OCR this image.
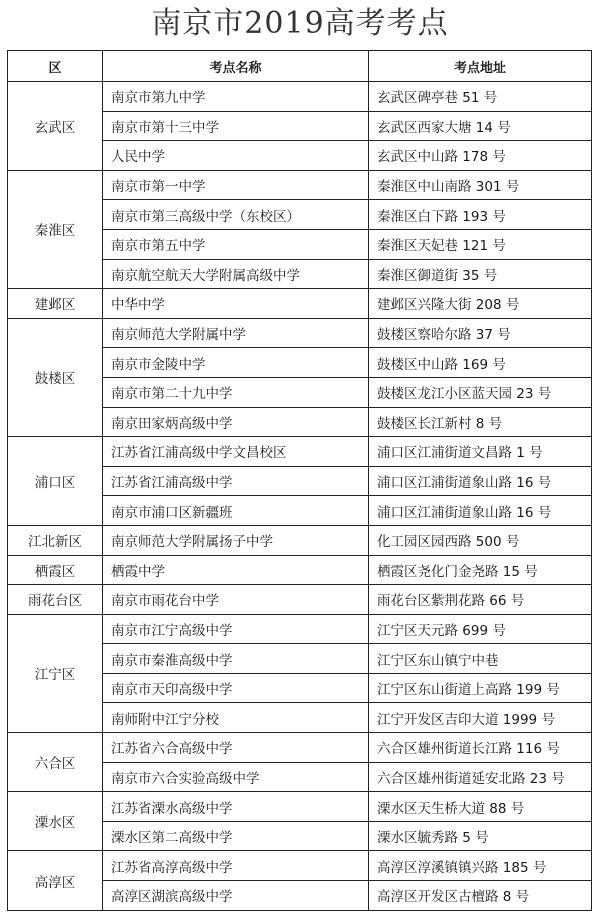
南京市2019高考考点
区	考点名称	考点地址
玄武区	南京市第九中学	玄武区碑亭巷 51 号
	南京市第十三中学	玄武区西家大塘 14 号
	人民中学	玄武区中山路 178 号
秦淮区	南京市第一中学	秦淮区中山南路 301 号
	南京市第三高级中学（东校区）	秦淮区白下路 193 号
	南京市第五中学	秦淮区天妃巷 121 号
	南京航空航天大学附属高级中学	秦淮区御道街 35 号
建邺区	中华中学	建邺区兴隆大街 208 号
鼓楼区	南京师范大学附属中学	鼓楼区察哈尔路 37 号
	南京市金陵中学	鼓楼区中山路 169 号
	南京市第二十九中学	鼓楼区龙江小区蓝天园 23 号
	南京田家炳高级中学	鼓楼区长江新村 8 号
浦口区	江苏省江浦高级中学文昌校区	浦口区江浦街道文昌路 1 号
	江苏省江浦高级中学	浦口区江浦街道象山路 16 号
	南京市浦口区新疆班	浦口区江浦街道象山路 16 号
江北新区	南京师范大学附属扬子中学	化工园区园西路 500 号
栖霞区	栖霞中学	栖霞区尧化门金尧路 15 号
雨花台区	南京市雨花台中学	雨花台区紫荆花路 66 号
江宁区	南京市江宁高级中学	江宁区天元路 699 号
	南京市秦淮高级中学	江宁区东山镇宁中巷
	南京市天印高级中学	江宁区东山街道上高路 199 号
	南师附中江宁分校	江宁开发区吉印大道 1999 号
六合区	江苏省六合高级中学	六合区雄州街道长江路 116 号
	南京市六合实验高级中学	六合区雄州街道延安北路 23 号
溧水区	江苏省溧水高级中学	溧水区天生桥大道 88 号
	溧水区第二高级中学	溧水区毓秀路 5 号
高淳区	江苏省高淳高级中学	高淳区淳溪镇镇兴路 185 号
	高淳区湖滨高级中学	高淳区开发区古檀路 8 号
